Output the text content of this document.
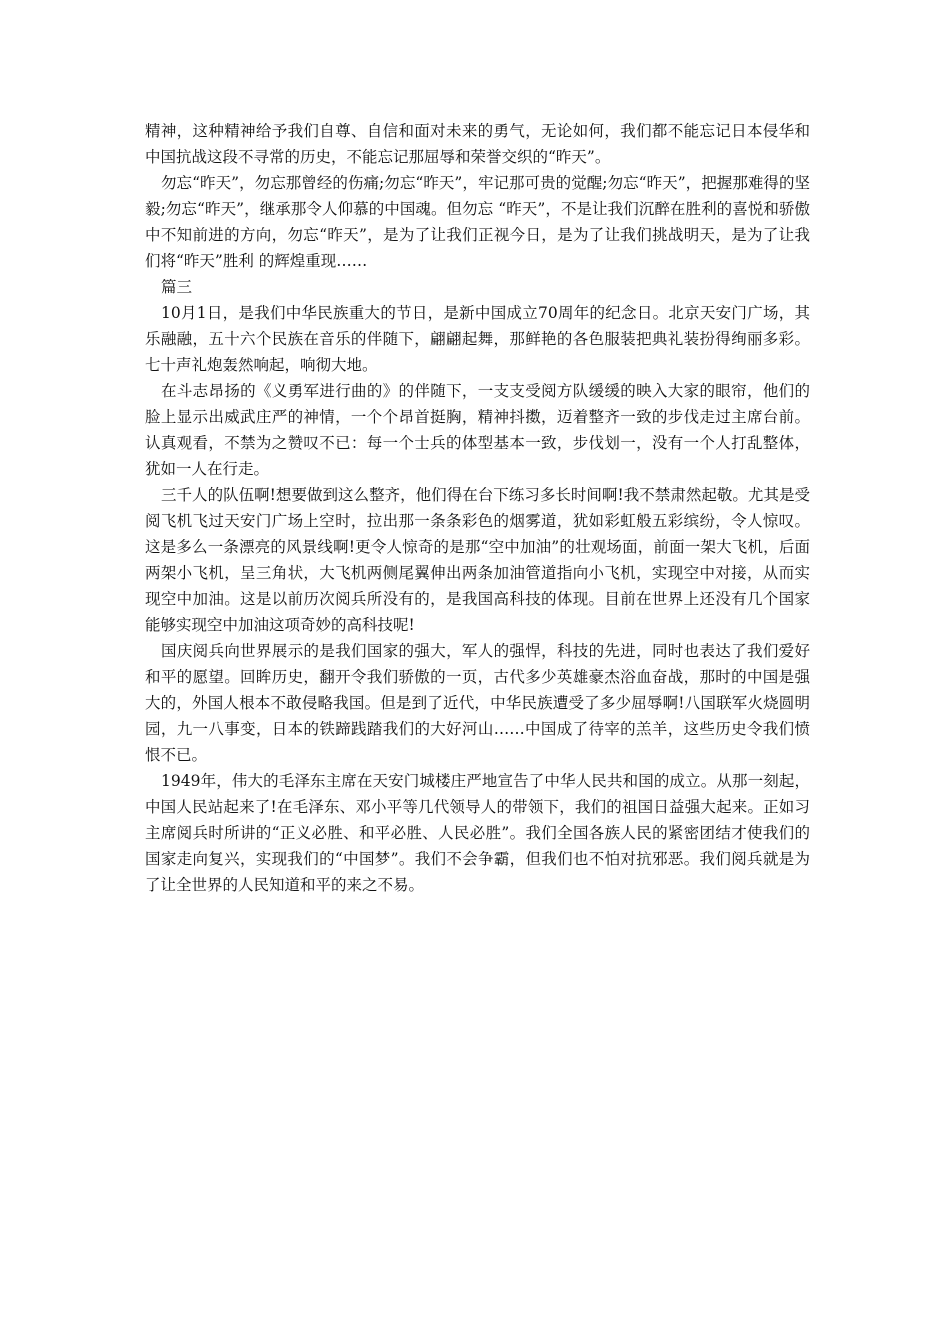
精神，这种精神给予我们自尊、自信和面对未来的勇气，无论如何，我们都不能忘记日本侵华和中国抗战这段不寻常的历史，不能忘记那屈辱和荣誉交织的“昨天”。

勿忘“昨天”，勿忘那曾经的伤痛;勿忘“昨天”，牢记那可贵的觉醒;勿忘“昨天”，把握那难得的坚毅;勿忘“昨天”，继承那令人仰慕的中国魂。但勿忘 “昨天”，不是让我们沉醉在胜利的喜悦和骄傲中不知前进的方向，勿忘“昨天”，是为了让我们正视今日，是为了让我们挑战明天，是为了让我们将“昨天”胜利 的辉煌重现……

篇三

10月1日，是我们中华民族重大的节日，是新中国成立70周年的纪念日。北京天安门广场，其乐融融，五十六个民族在音乐的伴随下，翩翩起舞，那鲜艳的各色服装把典礼装扮得绚丽多彩。七十声礼炮轰然响起，响彻大地。

在斗志昂扬的《义勇军进行曲的》的伴随下，一支支受阅方队缓缓的映入大家的眼帘，他们的脸上显示出威武庄严的神情，一个个昂首挺胸，精神抖擞，迈着整齐一致的步伐走过主席台前。认真观看，不禁为之赞叹不已：每一个士兵的体型基本一致，步伐划一，没有一个人打乱整体，犹如一人在行走。

三千人的队伍啊!想要做到这么整齐，他们得在台下练习多长时间啊!我不禁肃然起敬。尤其是受阅飞机飞过天安门广场上空时，拉出那一条条彩色的烟雾道，犹如彩虹般五彩缤纷，令人惊叹。这是多么一条漂亮的风景线啊!更令人惊奇的是那“空中加油”的壮观场面，前面一架大飞机，后面两架小飞机，呈三角状，大飞机两侧尾翼伸出两条加油管道指向小飞机，实现空中对接，从而实现空中加油。这是以前历次阅兵所没有的，是我国高科技的体现。目前在世界上还没有几个国家能够实现空中加油这项奇妙的高科技呢!

国庆阅兵向世界展示的是我们国家的强大，军人的强悍，科技的先进，同时也表达了我们爱好和平的愿望。回眸历史，翻开令我们骄傲的一页，古代多少英雄豪杰浴血奋战，那时的中国是强大的，外国人根本不敢侵略我国。但是到了近代，中华民族遭受了多少屈辱啊!八国联军火烧圆明园，九一八事变，日本的铁蹄践踏我们的大好河山……中国成了待宰的羔羊，这些历史令我们愤恨不已。

1949年，伟大的毛泽东主席在天安门城楼庄严地宣告了中华人民共和国的成立。从那一刻起，中国人民站起来了!在毛泽东、邓小平等几代领导人的带领下，我们的祖国日益强大起来。正如习主席阅兵时所讲的“正义必胜、和平必胜、人民必胜”。我们全国各族人民的紧密团结才使我们的国家走向复兴，实现我们的“中国梦”。我们不会争霸，但我们也不怕对抗邪恶。我们阅兵就是为了让全世界的人民知道和平的来之不易。
